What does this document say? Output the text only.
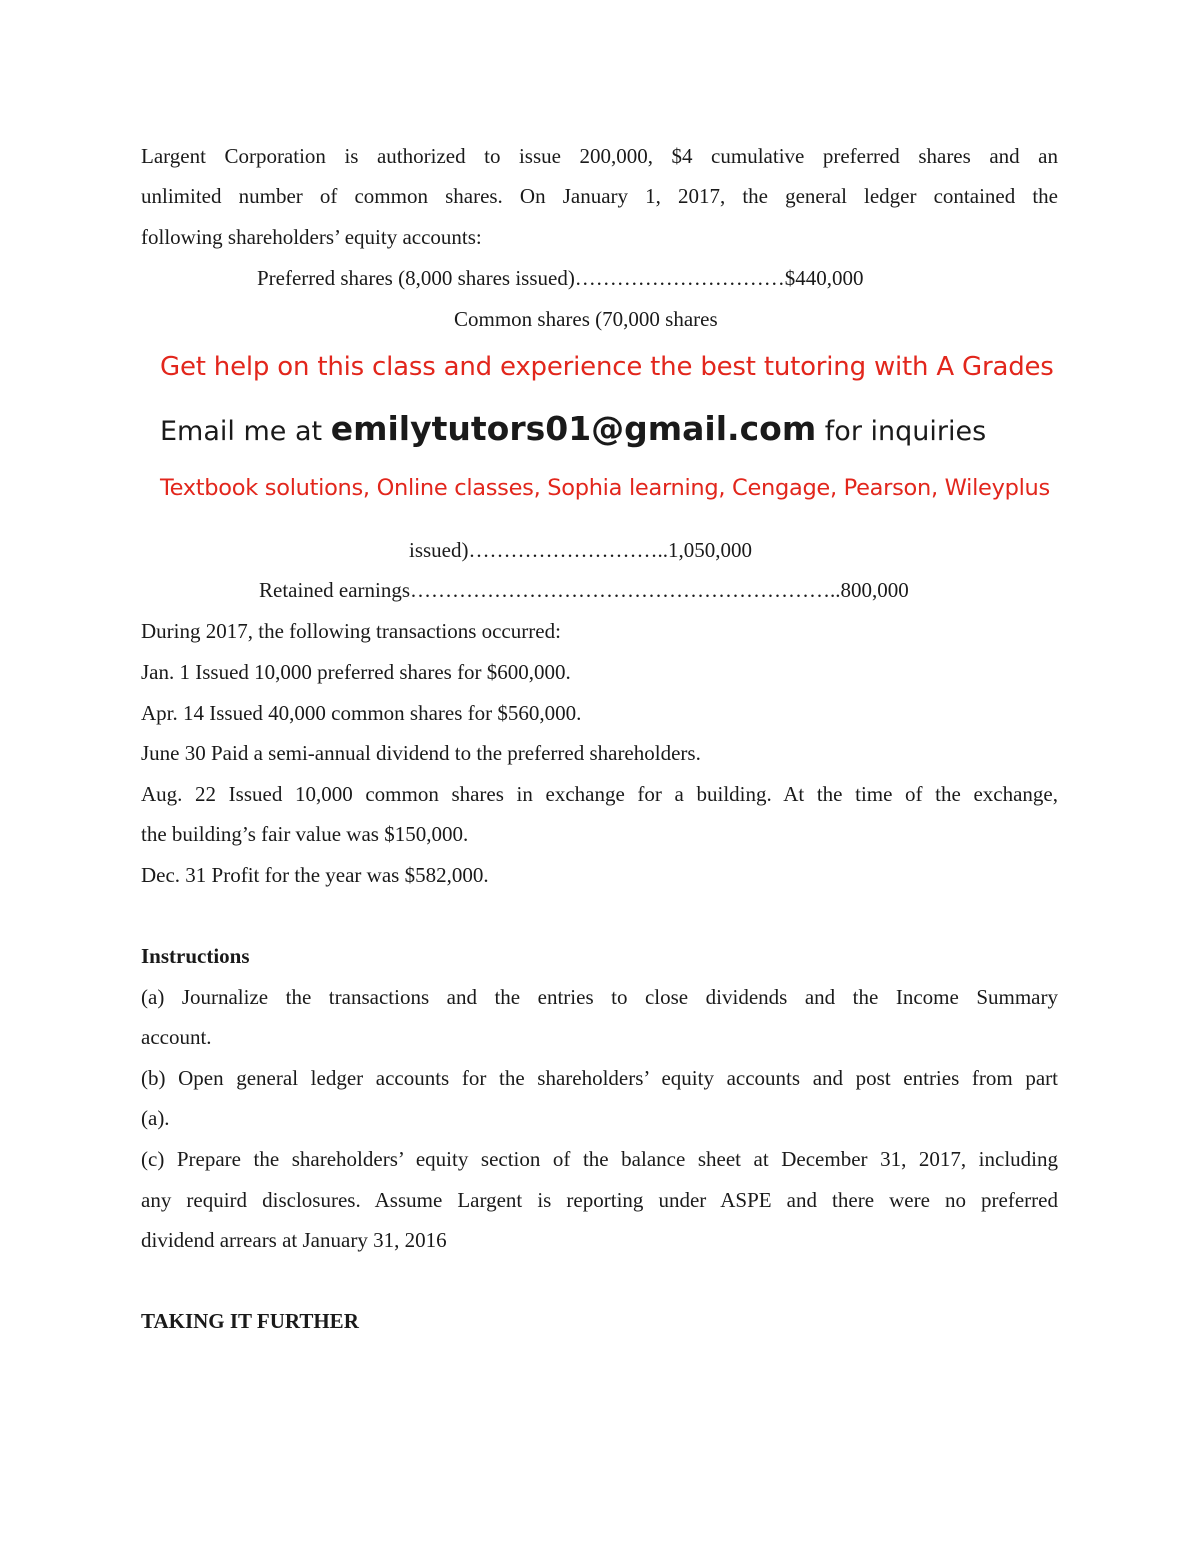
Largent Corporation is authorized to issue 200,000, $4 cumulative preferred shares and an
unlimited number of common shares. On January 1, 2017, the general ledger contained the
following shareholders’ equity accounts:
Preferred shares (8,000 shares issued)…………………………$440,000
Common shares (70,000 shares
Get help on this class and experience the best tutoring with A Grades
Email me at emilytutors01@gmail.com for inquiries
Textbook solutions, Online classes, Sophia learning, Cengage, Pearson, Wileyplus
issued)………………………..1,050,000
Retained earnings……………………………………………………..800,000
During 2017, the following transactions occurred:
Jan. 1 Issued 10,000 preferred shares for $600,000.
Apr. 14 Issued 40,000 common shares for $560,000.
June 30 Paid a semi-annual dividend to the preferred shareholders.
Aug. 22 Issued 10,000 common shares in exchange for a building. At the time of the exchange,
the building’s fair value was $150,000.
Dec. 31 Profit for the year was $582,000.
Instructions
(a) Journalize the transactions and the entries to close dividends and the Income Summary
account.
(b) Open general ledger accounts for the shareholders’ equity accounts and post entries from part
(a).
(c) Prepare the shareholders’ equity section of the balance sheet at December 31, 2017, including
any requird disclosures. Assume Largent is reporting under ASPE and there were no preferred
dividend arrears at January 31, 2016
TAKING IT FURTHER
